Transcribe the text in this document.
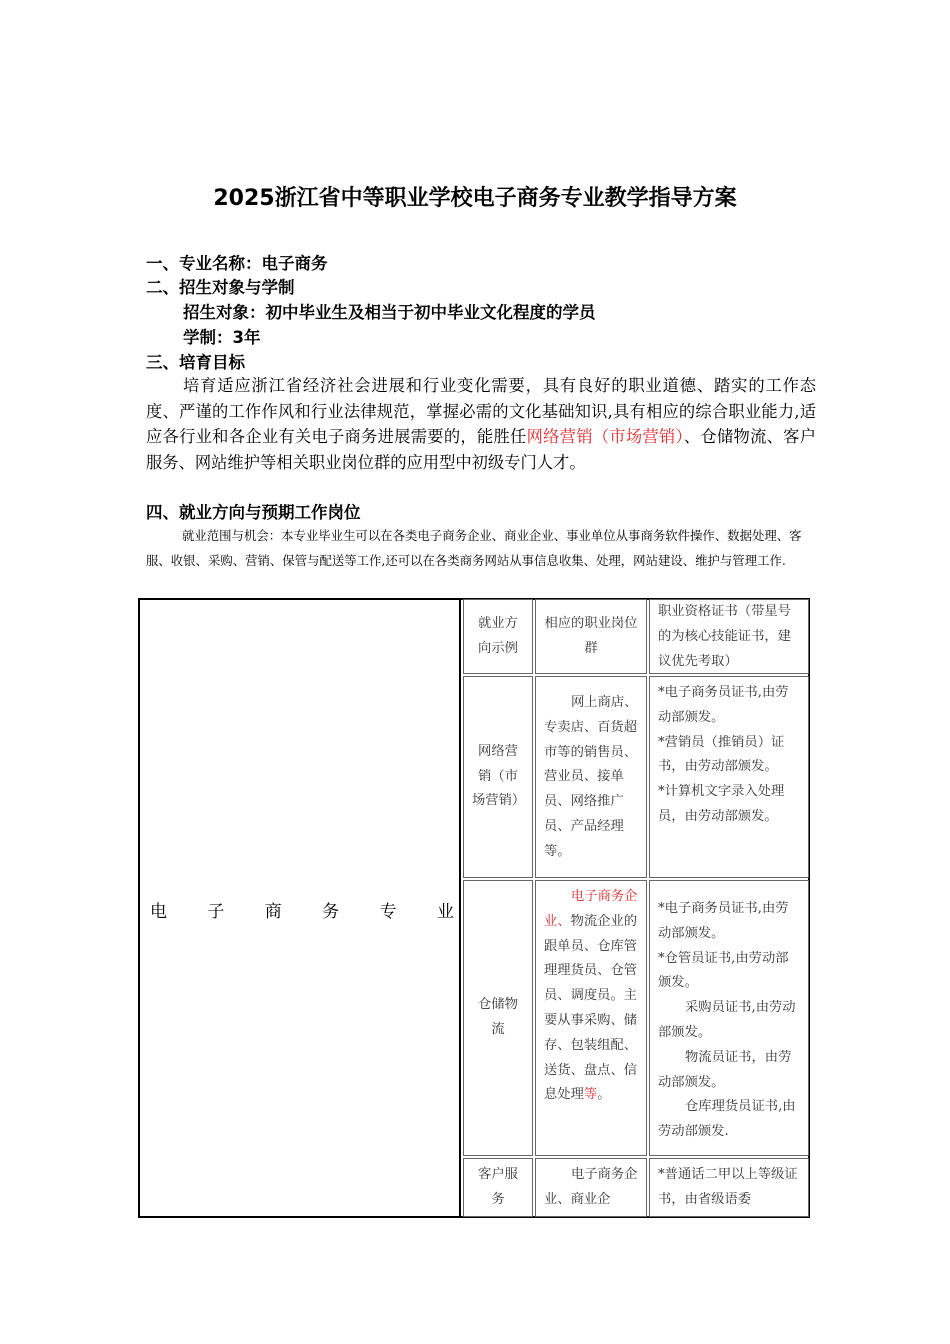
2025浙江省中等职业学校电子商务专业教学指导方案
一、专业名称：电子商务
二、招生对象与学制
招生对象：初中毕业生及相当于初中毕业文化程度的学员
学制：3年
三、培育目标
培育适应浙江省经济社会进展和行业变化需要，具有良好的职业道德、踏实的工作态度、严谨的工作作风和行业法律规范，掌握必需的文化基础知识,具有相应的综合职业能力,适应各行业和各企业有关电子商务进展需要的，能胜任网络营销（市场营销）、仓储物流、客户服务、网站维护等相关职业岗位群的应用型中初级专门人才。
四、就业方向与预期工作岗位
就业范围与机会：本专业毕业生可以在各类电子商务企业、商业企业、事业单位从事商务软件操作、数据处理、客服、收银、采购、营销、保管与配送等工作,还可以在各类商务网站从事信息收集、处理，网站建设、维护与管理工作.
电 子 商 务 专 业
就业方向示例
相应的职业岗位群
职业资格证书（带星号的为核心技能证书，建议优先考取）
网络营销（市场营销）
网上商店、专卖店、百货超市等的销售员、营业员、接单员、网络推广员、产品经理等。
*电子商务员证书,由劳动部颁发。
*营销员（推销员）证书，由劳动部颁发。
*计算机文字录入处理员，由劳动部颁发。
仓储物流
电子商务企业、物流企业的跟单员、仓库管理理货员、仓管员、调度员。主要从事采购、储存、包装组配、送货、盘点、信息处理等。
*电子商务员证书,由劳动部颁发。
*仓管员证书,由劳动部颁发。
采购员证书,由劳动部颁发。
物流员证书，由劳动部颁发。
仓库理货员证书,由劳动部颁发.
客户服务
电子商务企业、商业企
*普通话二甲以上等级证书，由省级语委
